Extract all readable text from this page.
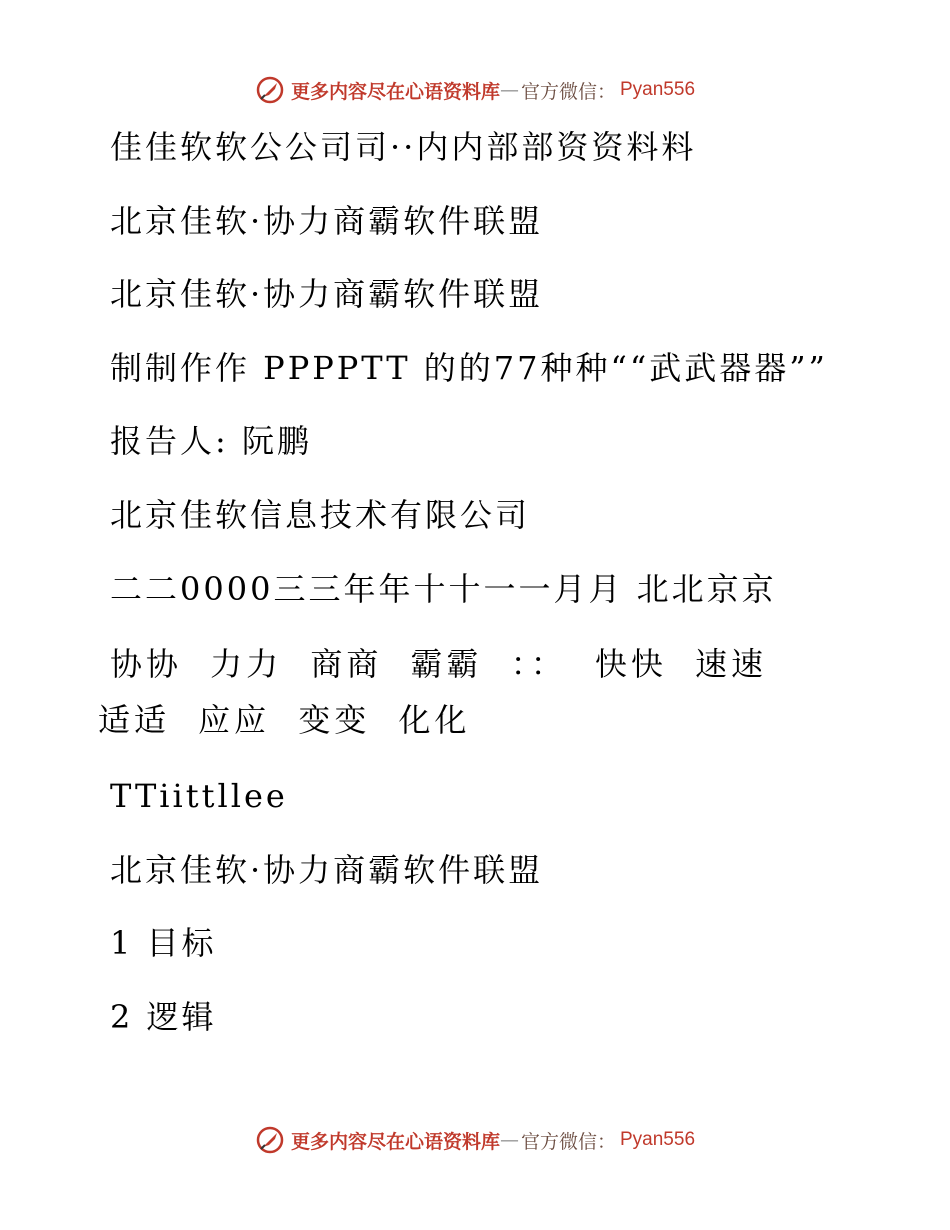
更多内容尽在心语资料库 — 官方微信： Pyan556
佳佳软软公公司司··内内部部资资料料
北京佳软·协力商霸软件联盟
北京佳软·协力商霸软件联盟
制制作作 PPPPTT 的的77种种““武武器器””
报告人: 阮鹏
北京佳软信息技术有限公司
二二0000三三年年十十一一月月 北北京京
协协 力力 商商 霸霸 ：： 快快 速速 适适 应应 变变 化化
TTiittllee
北京佳软·协力商霸软件联盟
1 目标
2 逻辑
更多内容尽在心语资料库 — 官方微信： Pyan556
